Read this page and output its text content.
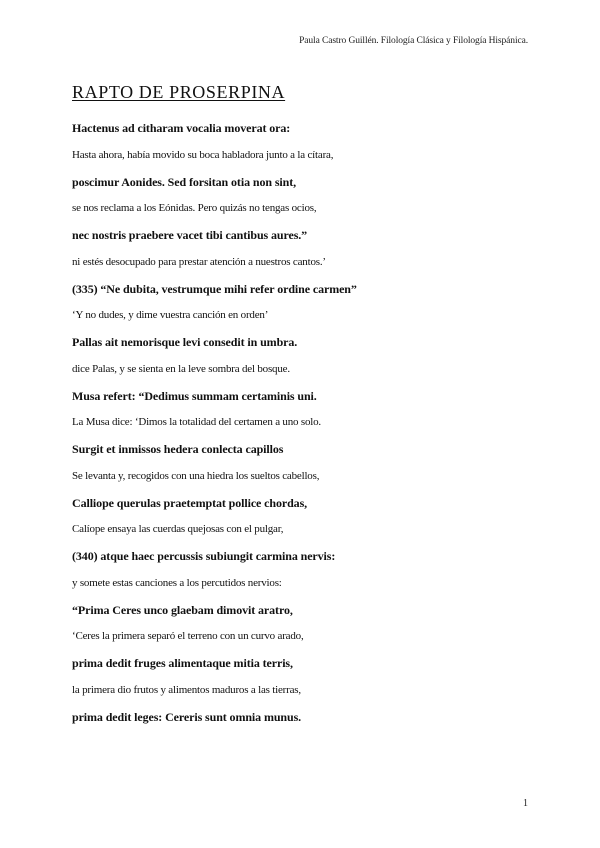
Paula Castro Guillén. Filología Clásica y Filología Hispánica.
RAPTO DE PROSERPINA
Hactenus ad citharam vocalia moverat ora:
Hasta ahora, había movido su boca habladora junto a la cítara,
poscimur Aonides. Sed forsitan otia non sint,
se nos reclama a los Eónidas. Pero quizás no tengas ocios,
nec nostris praebere vacet tibi cantibus aures.”
ni estés desocupado para prestar atención a nuestros cantos.’
(335) “Ne dubita, vestrumque mihi refer ordine carmen”
‘Y no dudes, y dime vuestra canción en orden’
Pallas ait nemorisque levi consedit in umbra.
dice Palas, y se sienta en la leve sombra del bosque.
Musa refert: “Dedimus summam certaminis uni.
La Musa dice: ‘Dimos la totalidad del certamen a uno solo.
Surgit et inmissos hedera conlecta capillos
Se levanta y, recogidos con una hiedra los sueltos cabellos,
Calliope querulas praetemptat pollice chordas,
Calíope ensaya las cuerdas quejosas con el pulgar,
(340) atque haec percussis subiungit carmina nervis:
y somete estas canciones a los percutidos nervios:
“Prima Ceres unco glaebam dimovit aratro,
‘Ceres la primera separó el terreno con un curvo arado,
prima dedit fruges alimentaque mitia terris,
la primera dio frutos y alimentos maduros a las tierras,
prima dedit leges: Cereris sunt omnia munus.
1
